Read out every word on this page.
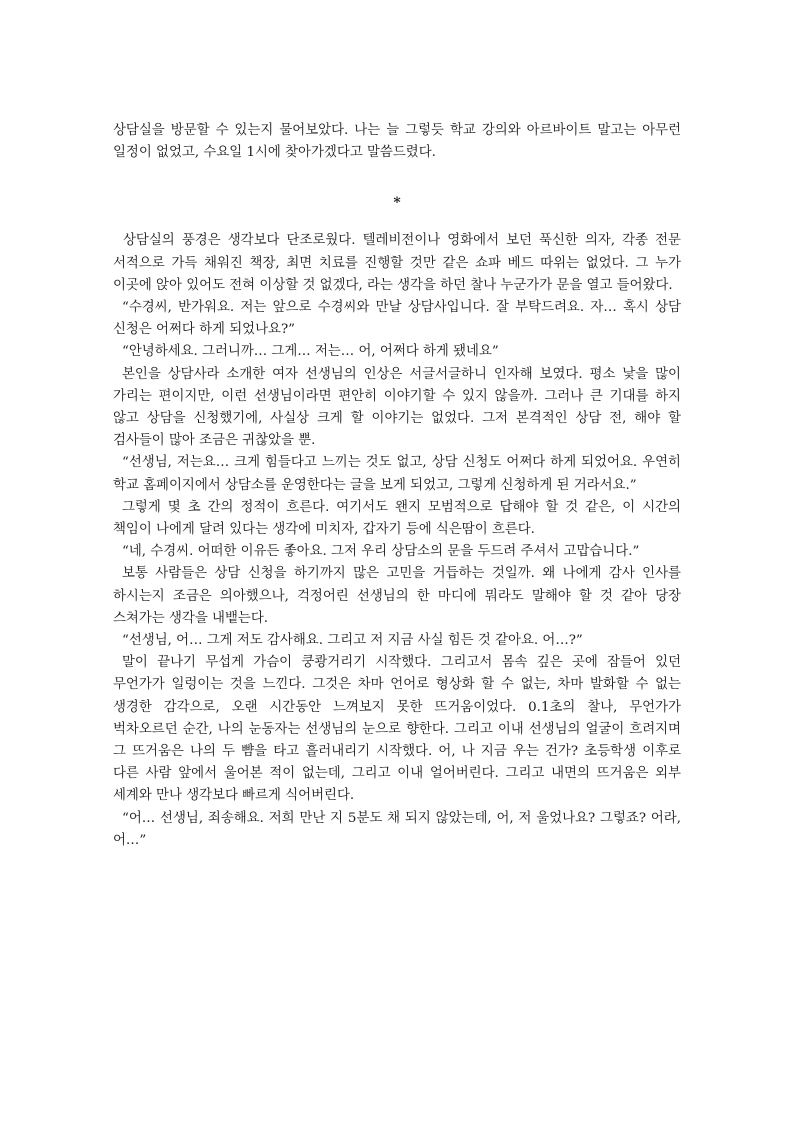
상담실을 방문할 수 있는지 물어보았다. 나는 늘 그렇듯 학교 강의와 아르바이트 말고는 아무런 일정이 없었고, 수요일 1시에 찾아가겠다고 말씀드렸다.

*

상담실의 풍경은 생각보다 단조로웠다. 텔레비전이나 영화에서 보던 푹신한 의자, 각종 전문 서적으로 가득 채워진 책장, 최면 치료를 진행할 것만 같은 쇼파 베드 따위는 없었다. 그 누가 이곳에 앉아 있어도 전혀 이상할 것 없겠다, 라는 생각을 하던 찰나 누군가가 문을 열고 들어왔다.

“수경씨, 반가워요. 저는 앞으로 수경씨와 만날 상담사입니다. 잘 부탁드려요. 자… 혹시 상담 신청은 어쩌다 하게 되었나요?”

“안녕하세요. 그러니까… 그게… 저는… 어, 어쩌다 하게 됐네요”

본인을 상담사라 소개한 여자 선생님의 인상은 서글서글하니 인자해 보였다. 평소 낯을 많이 가리는 편이지만, 이런 선생님이라면 편안히 이야기할 수 있지 않을까. 그러나 큰 기대를 하지 않고 상담을 신청했기에, 사실상 크게 할 이야기는 없었다. 그저 본격적인 상담 전, 해야 할 검사들이 많아 조금은 귀찮았을 뿐.

“선생님, 저는요… 크게 힘들다고 느끼는 것도 없고, 상담 신청도 어쩌다 하게 되었어요. 우연히 학교 홈페이지에서 상담소를 운영한다는 글을 보게 되었고, 그렇게 신청하게 된 거라서요.”

그렇게 몇 초 간의 정적이 흐른다. 여기서도 왠지 모범적으로 답해야 할 것 같은, 이 시간의 책임이 나에게 달려 있다는 생각에 미치자, 갑자기 등에 식은땀이 흐른다.

“네, 수경씨. 어떠한 이유든 좋아요. 그저 우리 상담소의 문을 두드려 주셔서 고맙습니다.”

보통 사람들은 상담 신청을 하기까지 많은 고민을 거듭하는 것일까. 왜 나에게 감사 인사를 하시는지 조금은 의아했으나, 걱정어린 선생님의 한 마디에 뭐라도 말해야 할 것 같아 당장 스쳐가는 생각을 내뱉는다.

“선생님, 어… 그게 저도 감사해요. 그리고 저 지금 사실 힘든 것 같아요. 어…?”

말이 끝나기 무섭게 가슴이 쿵쾅거리기 시작했다. 그리고서 몸속 깊은 곳에 잠들어 있던 무언가가 일렁이는 것을 느낀다. 그것은 차마 언어로 형상화 할 수 없는, 차마 발화할 수 없는 생경한 감각으로, 오랜 시간동안 느껴보지 못한 뜨거움이었다. 0.1초의 찰나, 무언가가 벅차오르던 순간, 나의 눈동자는 선생님의 눈으로 향한다. 그리고 이내 선생님의 얼굴이 흐려지며 그 뜨거움은 나의 두 뺨을 타고 흘러내리기 시작했다. 어, 나 지금 우는 건가? 초등학생 이후로 다른 사람 앞에서 울어본 적이 없는데, 그리고 이내 얼어버린다. 그리고 내면의 뜨거움은 외부 세계와 만나 생각보다 빠르게 식어버린다.

“어… 선생님, 죄송해요. 저희 만난 지 5분도 채 되지 않았는데, 어, 저 울었나요? 그렇죠? 어라, 어…”
